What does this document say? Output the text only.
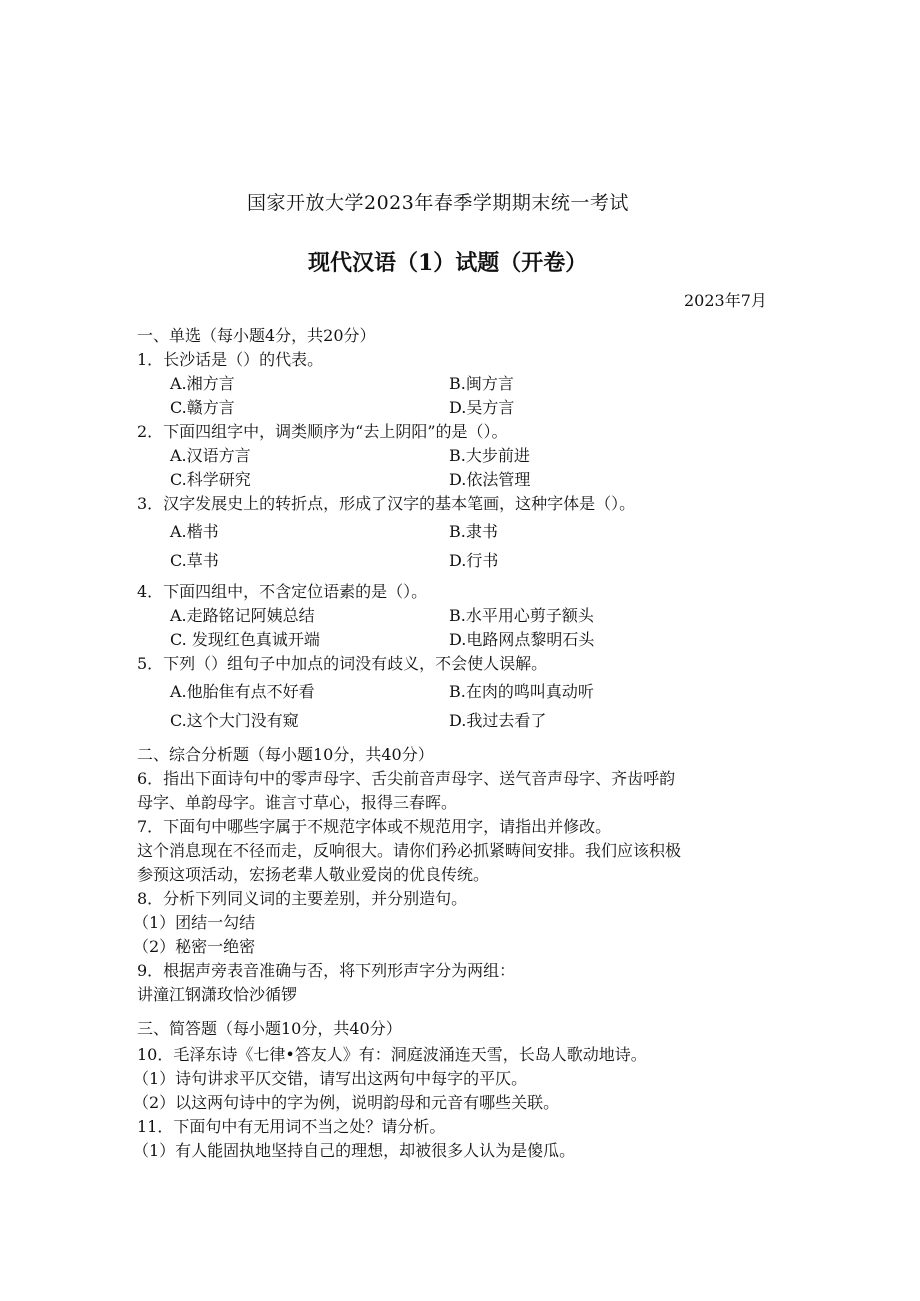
国家开放大学2023年春季学期期末统一考试
现代汉语（1）试题（开卷）
2023年7月
一、单选（每小题4分，共20分）
1．长沙话是（）的代表。
A.湘方言	B.闽方言
C.赣方言	D.吴方言
2．下面四组字中，调类顺序为“去上阴阳”的是（）。
A.汉语方言	B.大步前进
C.科学研究	D.依法管理
3．汉字发展史上的转折点，形成了汉字的基本笔画，这种字体是（）。
A.楷书	B.隶书
C.草书	D.行书
4．下面四组中，不含定位语素的是（）。
A.走路铭记阿姨总结	B.水平用心剪子额头
C. 发现红色真诚开端	D.电路网点黎明石头
5．下列（）组句子中加点的词没有歧义，不会使人误解。
A.他胎隹有点不好看	B.在肉的鸣叫真动听
C.这个大门没有窥	D.我过去看了
二、综合分析题（每小题10分，共40分）
6．指出下面诗句中的零声母字、舌尖前音声母字、送气音声母字、齐齿呼韵
母字、单韵母字。谁言寸草心，报得三春晖。
7．下面句中哪些字属于不规范字体或不规范用字，请指出并修改。
这个消息现在不径而走，反响很大。请你们矜必抓紧畴间安排。我们应该积极
参预这项活动，宏扬老辈人敬业爱岗的优良传统。
8．分析下列同义词的主要差别，并分别造句。
（1）团结一勾结
（2）秘密一绝密
9．根据声旁表音准确与否，将下列形声字分为两组：
讲潼江钢潇玫恰沙循锣
三、简答题（每小题10分，共40分）
10．毛泽东诗《七律•答友人》有：洞庭波涌连天雪，长岛人歌动地诗。
（1）诗句讲求平仄交错，请写出这两句中每字的平仄。
（2）以这两句诗中的字为例，说明韵母和元音有哪些关联。
11．下面句中有无用词不当之处？请分析。
（1）有人能固执地坚持自己的理想，却被很多人认为是傻瓜。
